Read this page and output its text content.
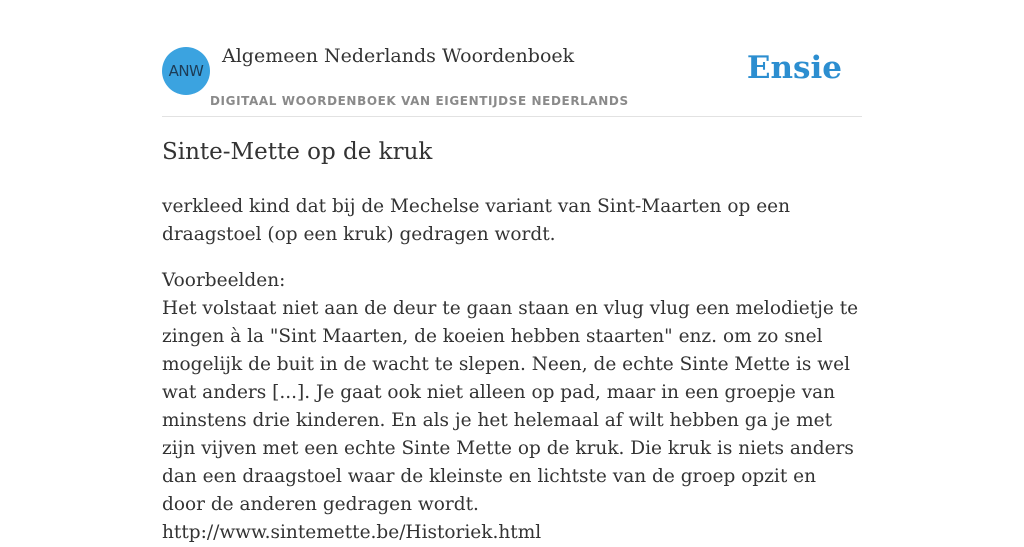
ANW
Algemeen Nederlands Woordenboek
DIGITAAL WOORDENBOEK VAN EIGENTIJDSE NEDERLANDS
Ensie
Sinte-Mette op de kruk

verkleed kind dat bij de Mechelse variant van Sint-Maarten op een draagstoel (op een kruk) gedragen wordt.

Voorbeelden:
Het volstaat niet aan de deur te gaan staan en vlug vlug een melodietje te zingen à la "Sint Maarten, de koeien hebben staarten" enz. om zo snel mogelijk de buit in de wacht te slepen. Neen, de echte Sinte Mette is wel wat anders [...]. Je gaat ook niet alleen op pad, maar in een groepje van minstens drie kinderen. En als je het helemaal af wilt hebben ga je met zijn vijven met een echte Sinte Mette op de kruk. Die kruk is niets anders dan een draagstoel waar de kleinste en lichtste van de groep opzit en door de anderen gedragen wordt.
http://www.sintemette.be/Historiek.html
